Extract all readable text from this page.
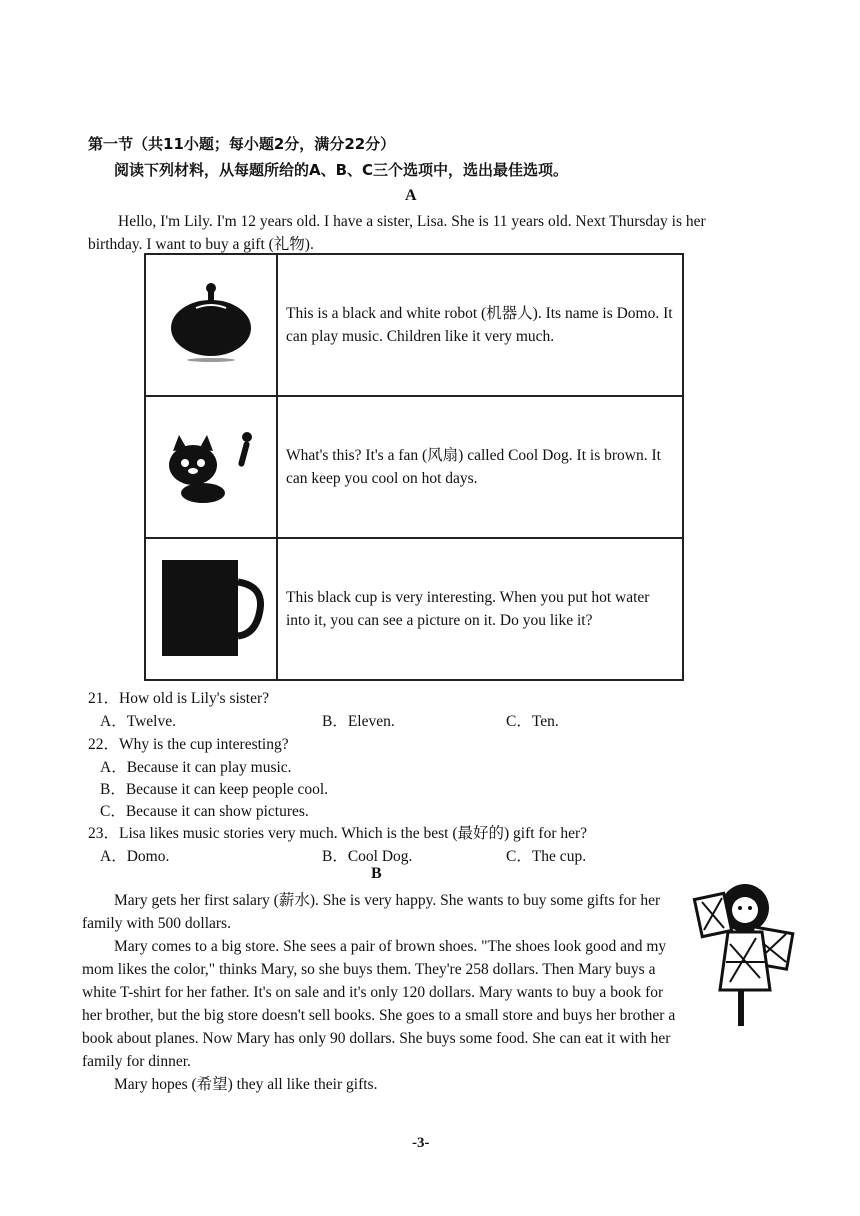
第一节（共11小题；每小题2分，满分22分）
阅读下列材料，从每题所给的A、B、C三个选项中，选出最佳选项。
A
Hello, I'm Lily. I'm 12 years old. I have a sister, Lisa. She is 11 years old. Next Thursday is her birthday. I want to buy a gift (礼物).
	This is a black and white robot (机器人). Its name is Domo. It can play music. Children like it very much.
	What's this? It's a fan (风扇) called Cool Dog. It is brown. It can keep you cool on hot days.
	This black cup is very interesting. When you put hot water into it, you can see a picture on it. Do you like it?
21．How old is Lily's sister?
A．Twelve.	B．Eleven.	C．Ten.
22．Why is the cup interesting?
A．Because it can play music.
B．Because it can keep people cool.
C．Because it can show pictures.
23．Lisa likes music stories very much. Which is the best (最好的) gift for her?
A．Domo.	B．Cool Dog.	C．The cup.
B

Mary gets her first salary (薪水). She is very happy. She wants to buy some gifts for her family with 500 dollars.

Mary comes to a big store. She sees a pair of brown shoes. "The shoes look good and my mom likes the color," thinks Mary, so she buys them. They're 258 dollars. Then Mary buys a white T-shirt for her father. It's on sale and it's only 120 dollars. Mary wants to buy a book for her brother, but the big store doesn't sell books. She goes to a small store and buys her brother a book about planes. Now Mary has only 90 dollars. She buys some food. She can eat it with her family for dinner.

Mary hopes (希望) they all like their gifts.

-3-
